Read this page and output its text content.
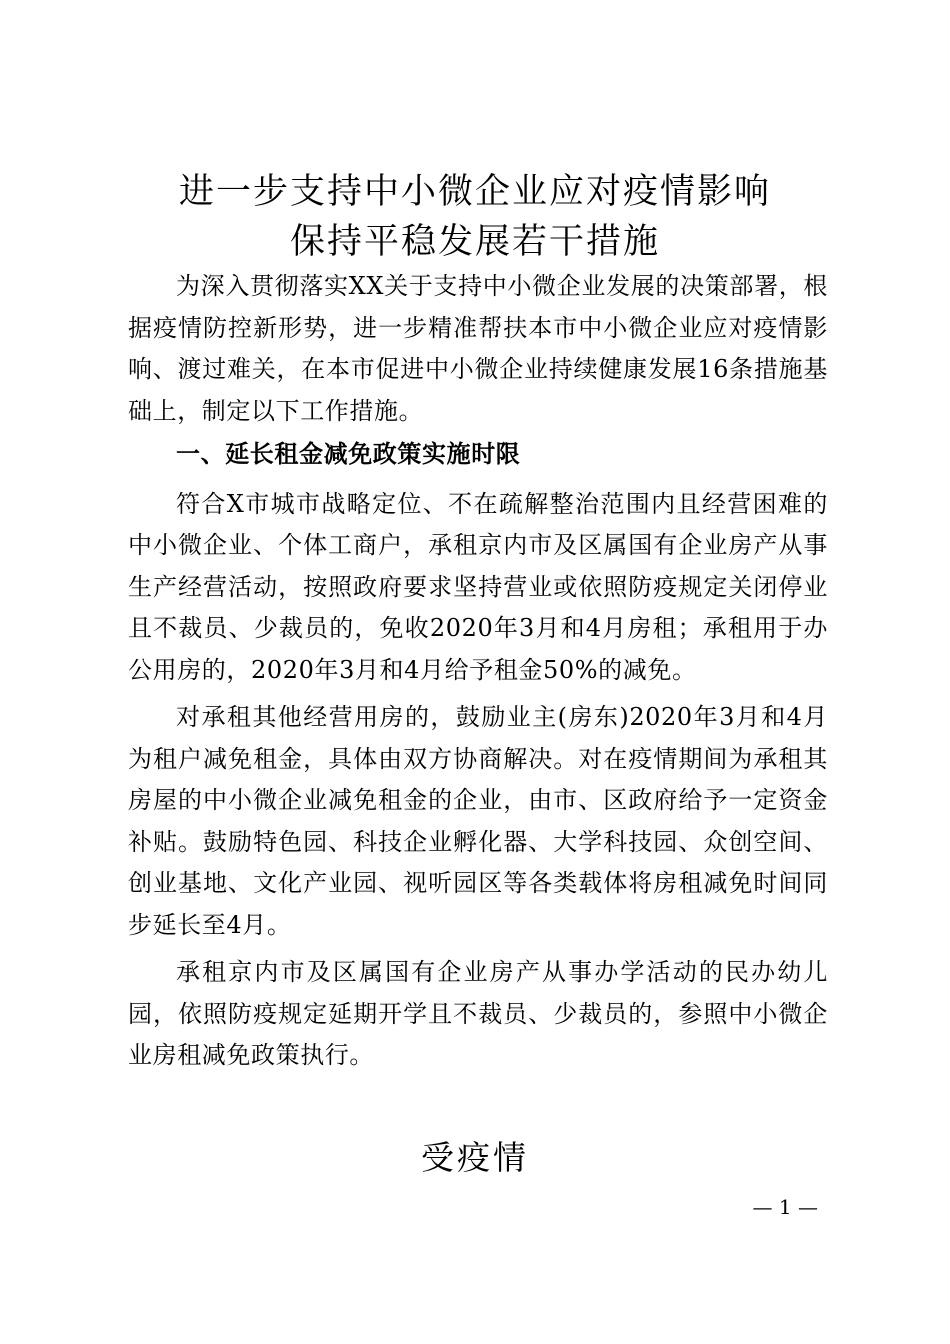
进一步支持中小微企业应对疫情影响
保持平稳发展若干措施

为深入贯彻落实XX关于支持中小微企业发展的决策部署，根据疫情防控新形势，进一步精准帮扶本市中小微企业应对疫情影响、渡过难关，在本市促进中小微企业持续健康发展16条措施基础上，制定以下工作措施。

一、延长租金减免政策实施时限

符合X市城市战略定位、不在疏解整治范围内且经营困难的中小微企业、个体工商户，承租京内市及区属国有企业房产从事生产经营活动，按照政府要求坚持营业或依照防疫规定关闭停业且不裁员、少裁员的，免收2020年3月和4月房租；承租用于办公用房的，2020年3月和4月给予租金50%的减免。

对承租其他经营用房的，鼓励业主(房东)2020年3月和4月为租户减免租金，具体由双方协商解决。对在疫情期间为承租其房屋的中小微企业减免租金的企业，由市、区政府给予一定资金补贴。鼓励特色园、科技企业孵化器、大学科技园、众创空间、创业基地、文化产业园、视听园区等各类载体将房租减免时间同步延长至4月。

承租京内市及区属国有企业房产从事办学活动的民办幼儿园，依照防疫规定延期开学且不裁员、少裁员的，参照中小微企业房租减免政策执行。

受疫情
— 1 —
